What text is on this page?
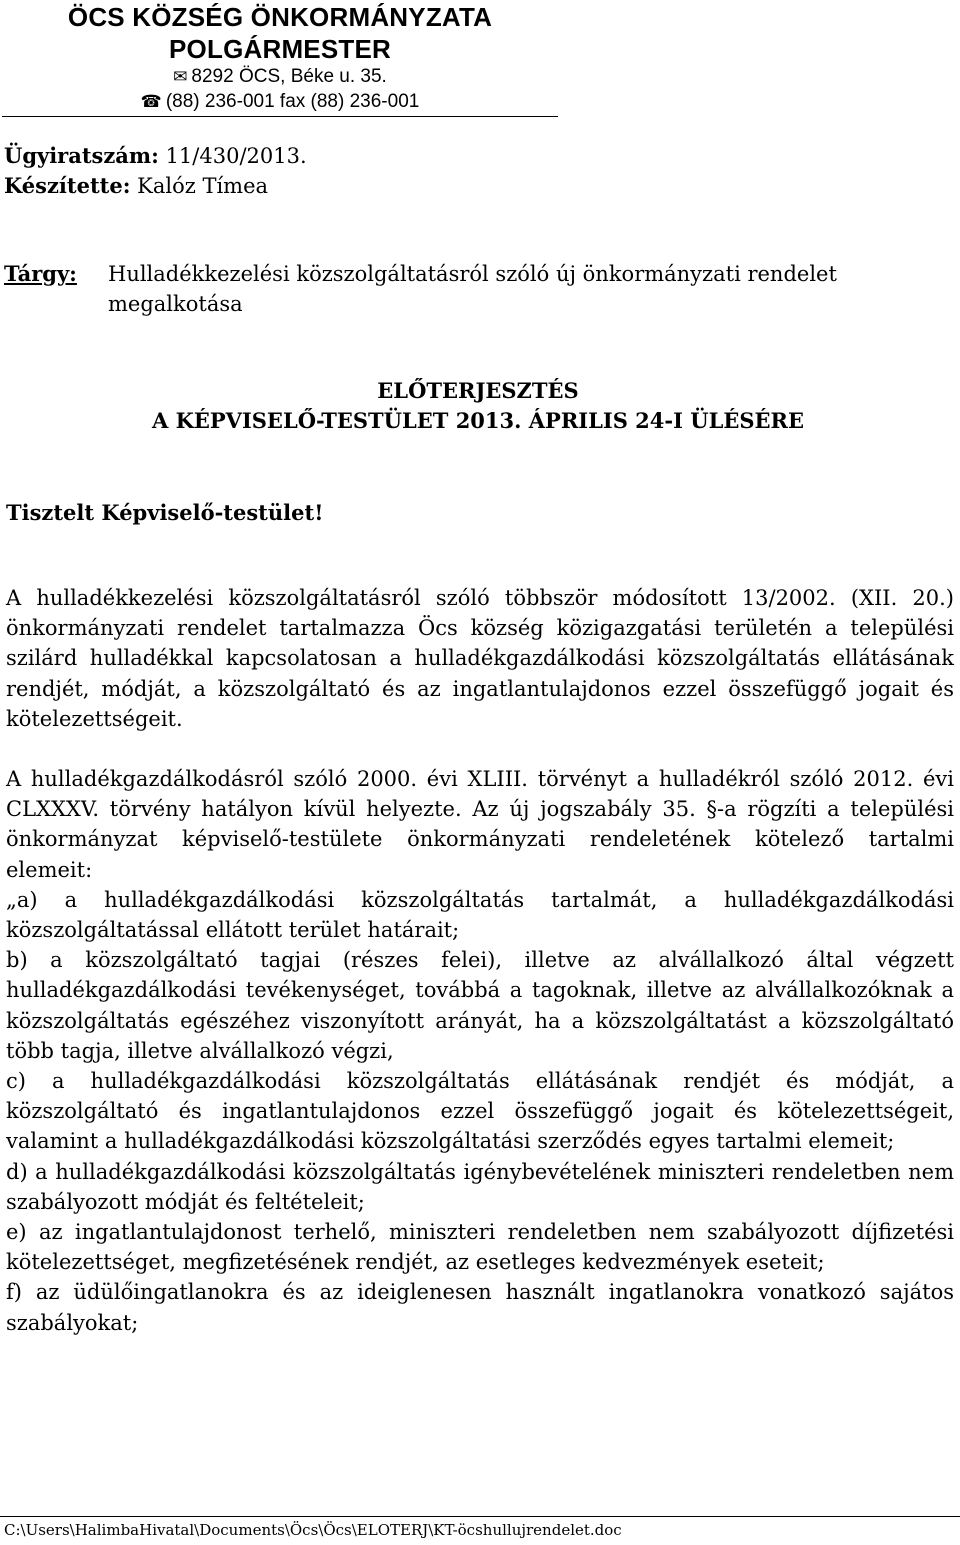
ÖCS KÖZSÉG ÖNKORMÁNYZATA
POLGÁRMESTER
✉ 8292 ÖCS, Béke u. 35.
☎ (88) 236-001 fax (88) 236-001
Ügyiratszám: 11/430/2013.
Készítette: Kalóz Tímea
Tárgy: Hulladékkezelési közszolgáltatásról szóló új önkormányzati rendelet
megalkotása
ELŐTERJESZTÉS
A KÉPVISELŐ-TESTÜLET 2013. ÁPRILIS 24-I ÜLÉSÉRE
Tisztelt Képviselő-testület!

A hulladékkezelési közszolgáltatásról szóló többször módosított 13/2002. (XII. 20.) önkormányzati rendelet tartalmazza Öcs község közigazgatási területén a települési szilárd hulladékkal kapcsolatosan a hulladékgazdálkodási közszolgáltatás ellátásának rendjét, módját, a közszolgáltató és az ingatlantulajdonos ezzel összefüggő jogait és kötelezettségeit.

A hulladékgazdálkodásról szóló 2000. évi XLIII. törvényt a hulladékról szóló 2012. évi CLXXXV. törvény hatályon kívül helyezte. Az új jogszabály 35. §-a rögzíti a települési önkormányzat képviselő-testülete önkormányzati rendeletének kötelező tartalmi elemeit:

„a) a hulladékgazdálkodási közszolgáltatás tartalmát, a hulladékgazdálkodási közszolgáltatással ellátott terület határait;

b) a közszolgáltató tagjai (részes felei), illetve az alvállalkozó által végzett hulladékgazdálkodási tevékenységet, továbbá a tagoknak, illetve az alvállalkozóknak a közszolgáltatás egészéhez viszonyított arányát, ha a közszolgáltatást a közszolgáltató több tagja, illetve alvállalkozó végzi,

c) a hulladékgazdálkodási közszolgáltatás ellátásának rendjét és módját, a közszolgáltató és ingatlantulajdonos ezzel összefüggő jogait és kötelezettségeit, valamint a hulladékgazdálkodási közszolgáltatási szerződés egyes tartalmi elemeit;

d) a hulladékgazdálkodási közszolgáltatás igénybevételének miniszteri rendeletben nem szabályozott módját és feltételeit;

e) az ingatlantulajdonost terhelő, miniszteri rendeletben nem szabályozott díjfizetési kötelezettséget, megfizetésének rendjét, az esetleges kedvezmények eseteit;

f) az üdülőingatlanokra és az ideiglenesen használt ingatlanokra vonatkozó sajátos szabályokat;

C:\Users\HalimbaHivatal\Documents\Öcs\Öcs\ELOTERJ\KT-öcshullujrendelet.doc
